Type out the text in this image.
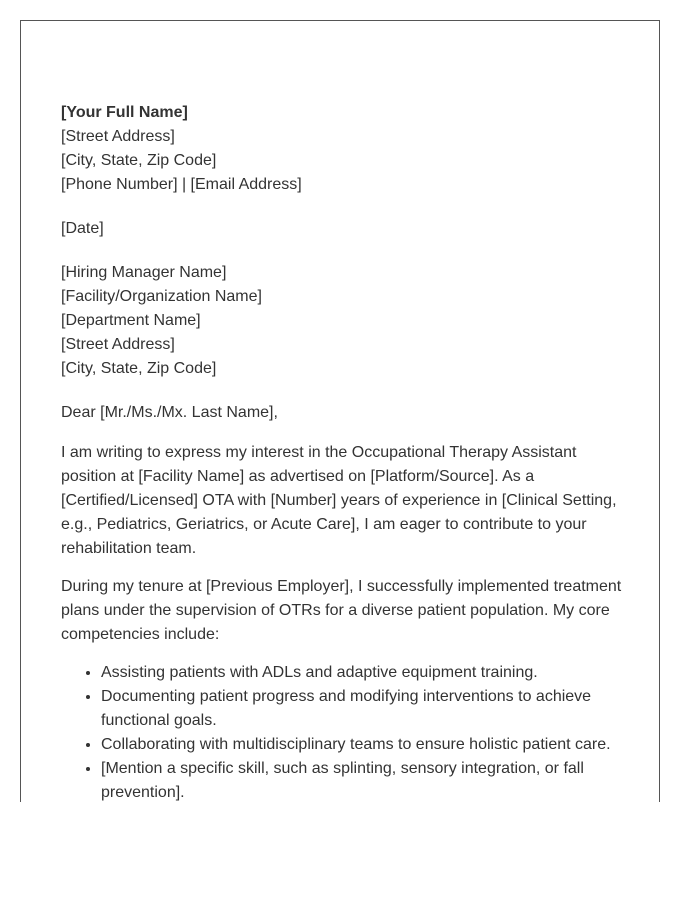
[Your Full Name]
[Street Address]
[City, State, Zip Code]
[Phone Number] | [Email Address]
[Date]
[Hiring Manager Name]
[Facility/Organization Name]
[Department Name]
[Street Address]
[City, State, Zip Code]
Dear [Mr./Ms./Mx. Last Name],

I am writing to express my interest in the Occupational Therapy Assistant position at [Facility Name] as advertised on [Platform/Source]. As a [Certified/Licensed] OTA with [Number] years of experience in [Clinical Setting, e.g., Pediatrics, Geriatrics, or Acute Care], I am eager to contribute to your rehabilitation team.

During my tenure at [Previous Employer], I successfully implemented treatment plans under the supervision of OTRs for a diverse patient population. My core competencies include:

• Assisting patients with ADLs and adaptive equipment training.
• Documenting patient progress and modifying interventions to achieve functional goals.
• Collaborating with multidisciplinary teams to ensure holistic patient care.
• [Mention a specific skill, such as splinting, sensory integration, or fall prevention].
